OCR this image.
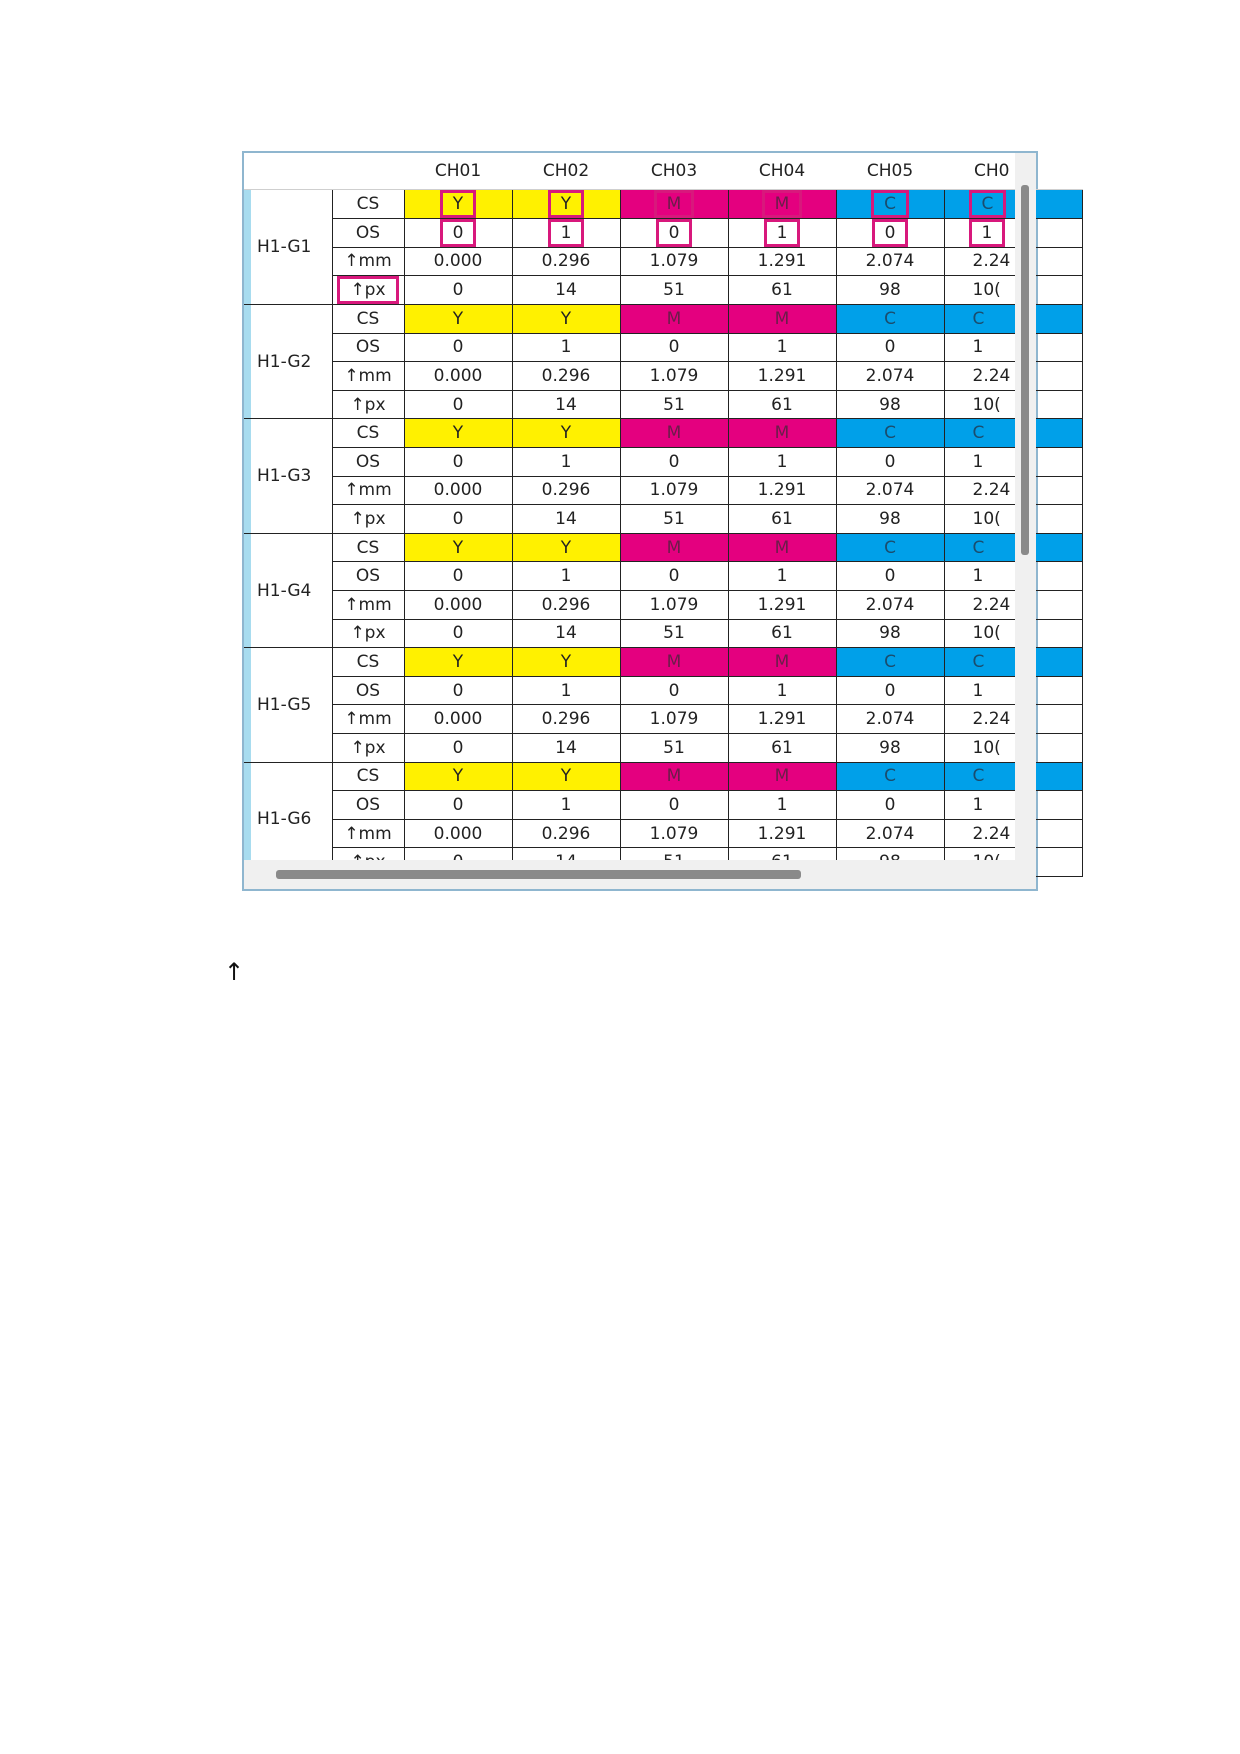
		CH01	CH02	CH03	CH04	CH05	CH0
H1-G1	CS	Y	Y	M	M	C	C
	OS	0	1	0	1	0	1
	↑mm	0.000	0.296	1.079	1.291	2.074	2.24
	↑px	0	14	51	61	98	10(
H1-G2	CS	Y	Y	M	M	C	C
	OS	0	1	0	1	0	1
	↑mm	0.000	0.296	1.079	1.291	2.074	2.24
	↑px	0	14	51	61	98	10(
H1-G3	CS	Y	Y	M	M	C	C
	OS	0	1	0	1	0	1
	↑mm	0.000	0.296	1.079	1.291	2.074	2.24
	↑px	0	14	51	61	98	10(
H1-G4	CS	Y	Y	M	M	C	C
	OS	0	1	0	1	0	1
	↑mm	0.000	0.296	1.079	1.291	2.074	2.24
	↑px	0	14	51	61	98	10(
H1-G5	CS	Y	Y	M	M	C	C
	OS	0	1	0	1	0	1
	↑mm	0.000	0.296	1.079	1.291	2.074	2.24
	↑px	0	14	51	61	98	10(
H1-G6	CS	Y	Y	M	M	C	C
	OS	0	1	0	1	0	1
	↑mm	0.000	0.296	1.079	1.291	2.074	2.24

↑
